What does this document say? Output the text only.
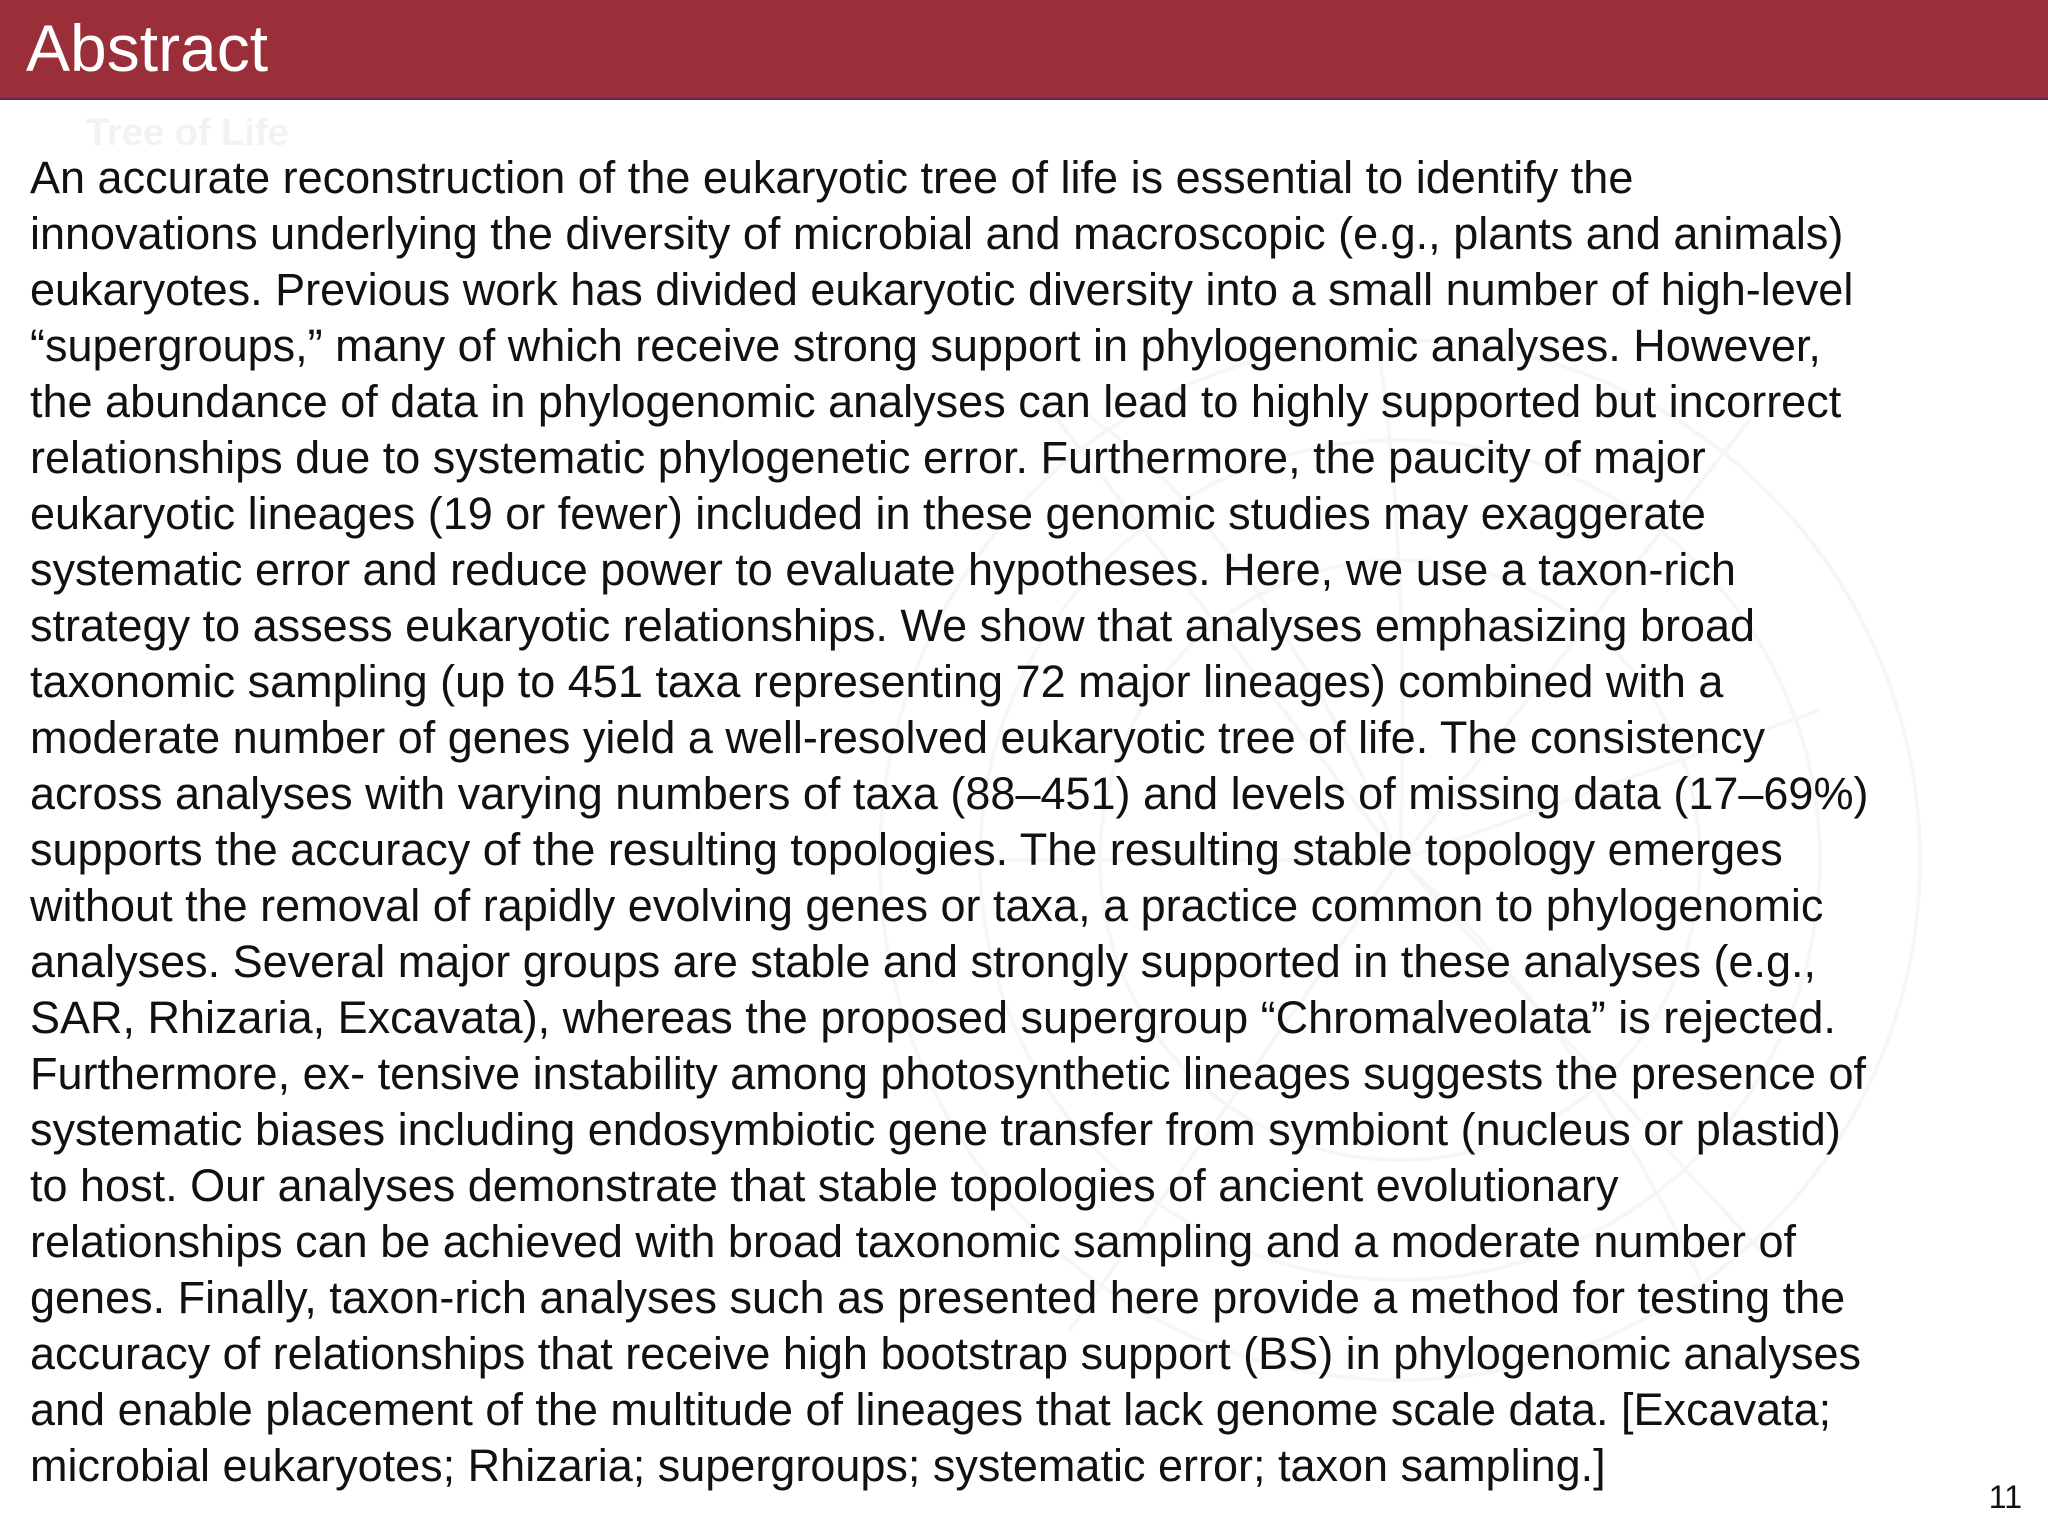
Abstract
Tree of Life

An accurate reconstruction of the eukaryotic tree of life is essential to identify the
innovations underlying the diversity of microbial and macroscopic (e.g., plants and animals)
eukaryotes. Previous work has divided eukaryotic diversity into a small number of high-level
“supergroups,” many of which receive strong support in phylogenomic analyses. However,
the abundance of data in phylogenomic analyses can lead to highly supported but incorrect
relationships due to systematic phylogenetic error. Furthermore, the paucity of major
eukaryotic lineages (19 or fewer) included in these genomic studies may exaggerate
systematic error and reduce power to evaluate hypotheses. Here, we use a taxon-rich
strategy to assess eukaryotic relationships. We show that analyses emphasizing broad
taxonomic sampling (up to 451 taxa representing 72 major lineages) combined with a
moderate number of genes yield a well-resolved eukaryotic tree of life. The consistency
across analyses with varying numbers of taxa (88–451) and levels of missing data (17–69%)
supports the accuracy of the resulting topologies. The resulting stable topology emerges
without the removal of rapidly evolving genes or taxa, a practice common to phylogenomic
analyses. Several major groups are stable and strongly supported in these analyses (e.g.,
SAR, Rhizaria, Excavata), whereas the proposed supergroup “Chromalveolata” is rejected.
Furthermore, ex- tensive instability among photosynthetic lineages suggests the presence of
systematic biases including endosymbiotic gene transfer from symbiont (nucleus or plastid)
to host. Our analyses demonstrate that stable topologies of ancient evolutionary
relationships can be achieved with broad taxonomic sampling and a moderate number of
genes. Finally, taxon-rich analyses such as presented here provide a method for testing the
accuracy of relationships that receive high bootstrap support (BS) in phylogenomic analyses
and enable placement of the multitude of lineages that lack genome scale data. [Excavata;
microbial eukaryotes; Rhizaria; supergroups; systematic error; taxon sampling.]

11
